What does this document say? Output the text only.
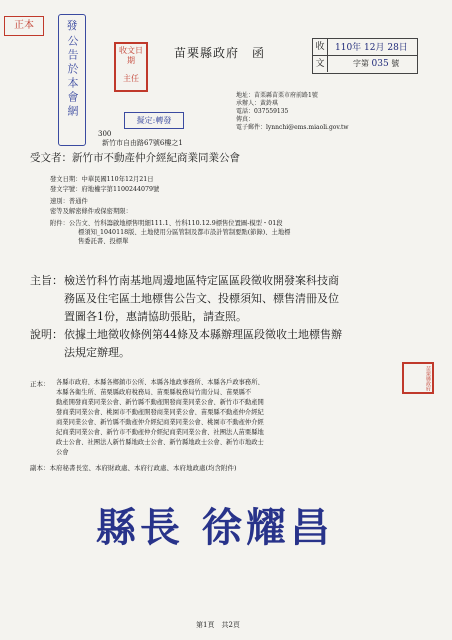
正本	發
公告於本會網	收文日期
主任
擬定:轉發
300
新竹市自由路67號6樓之1
苗栗縣政府　函	收
文
110年 12月 28日
字第 035 號
地址：苗栗縣苗栗市府前路1號
承辦人：黃鈴琪
電話：037559135
傳真：
電子郵件：lynnchi@ems.miaoli.gov.tw
受文者：新竹市不動產仲介經紀商業同業公會
發文日期：中華民國110年12月21日
發文字號：府地權字第1100244079號
速別：普通件
密等及解密條件或保密期限：
附件：公告文、竹科籌啟地標售明細111.1、竹科110.12.9標售位置圖-模型・01段
標須知_1040118版、土地使用分區管制及都市設計管制要點(節錄)、土地標
售委託書、投標單
主旨： 檢送竹科竹南基地周邊地區特定區區段徵收開發案科技商
務區及住宅區土地標售公告文、投標須知、標售清冊及位
置圖各1份，惠請協助張貼，請查照。
說明： 依據土地徵收條例第44條及本縣辦理區段徵收土地標售辦
法規定辦理。
苗栗縣政府
正本： 各縣市政府、本縣各鄉鎮市公所、本縣各地政事務所、本縣各戶政事務所、
本縣各衛生所、苗栗縣政府稅務局、苗栗縣稅務局竹南分局、苗栗縣不
動產開發商業同業公會、新竹縣不動產開發商業同業公會、新竹市不動產開
發商業同業公會、桃園市不動產開發商業同業公會、苗栗縣不動產仲介經紀
商業同業公會、新竹縣不動產仲介經紀商業同業公會、桃園市不動產仲介經
紀商業同業公會、新竹市不動產仲介經紀商業同業公會、社團法人苗栗縣地
政士公會、社團法人新竹縣地政士公會、新竹縣地政士公會、新竹市地政士
公會
副本：本府秘書長室、本府財政處、本府行政處、本府地政處(均含附件)
縣長 徐耀昌
第1頁　共2頁
